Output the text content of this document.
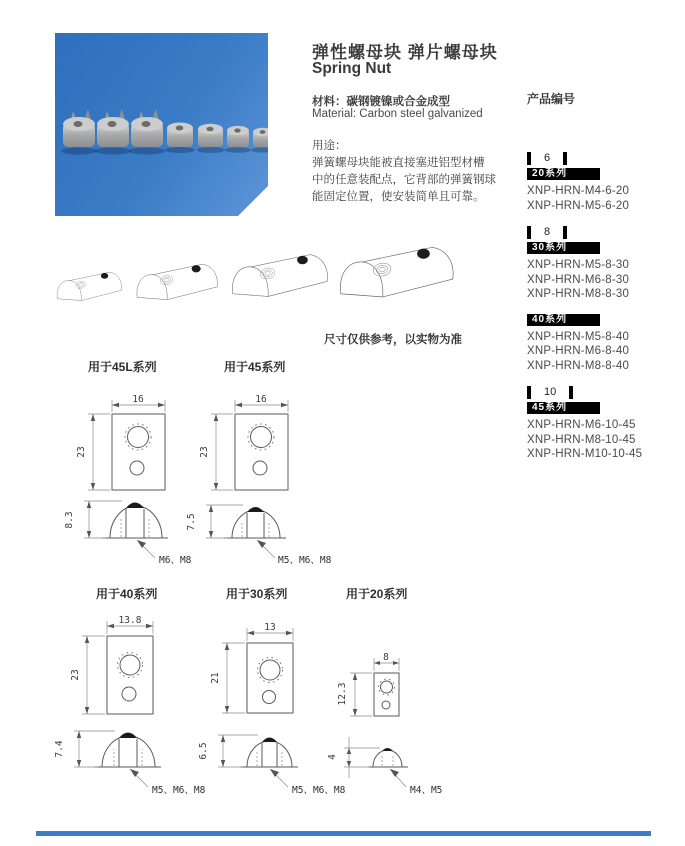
弹性螺母块 弹片螺母块
Spring Nut
材料：碳钢镀镍或合金成型
Material: Carbon steel galvanized
用途：
弹簧螺母块能被直接塞进铝型材槽
中的任意装配点，它背部的弹簧钢球
能固定位置，使安装简单且可靠。
尺寸仅供参考，以实物为准
产品编号
6
20系列
XNP-HRN-M4-6-20
XNP-HRN-M5-6-20
8
30系列
XNP-HRN-M5-8-30
XNP-HRN-M6-8-30
XNP-HRN-M8-8-30
40系列
XNP-HRN-M5-8-40
XNP-HRN-M6-8-40
XNP-HRN-M8-8-40
10
45系列
XNP-HRN-M6-10-45
XNP-HRN-M8-10-45
XNP-HRN-M10-10-45
用于45L系列	用于45系列
16
23
16
23
8.3
M6、M8
7.5
M5、M6、M8
用于40系列	用于30系列	用于20系列
13.8
23
13
21
8
12.3
7.4
M5、M6、M8
6.5
M5、M6、M8
4
M4、M5
